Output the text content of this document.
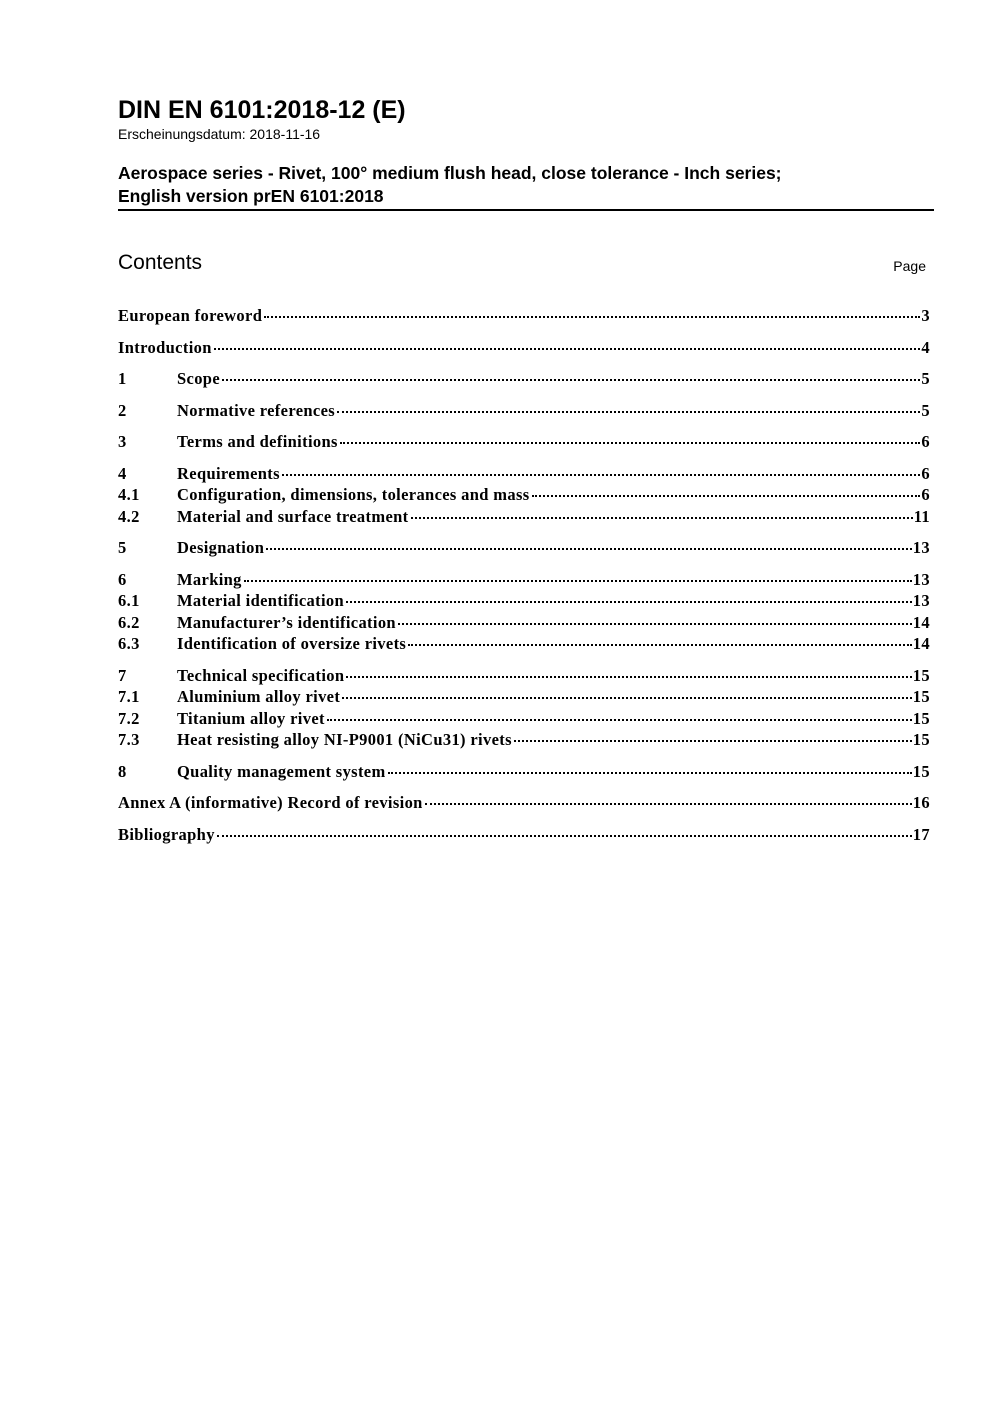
DIN EN 6101:2018-12 (E)
Erscheinungsdatum: 2018-11-16
Aerospace series - Rivet, 100° medium flush head, close tolerance - Inch series;
English version prEN 6101:2018
Contents	Page
European foreword	3
Introduction	4
1	Scope	5
2	Normative references	5
3	Terms and definitions	6
4	Requirements	6
4.1	Configuration, dimensions, tolerances and mass	6
4.2	Material and surface treatment	11
5	Designation	13
6	Marking	13
6.1	Material identification	13
6.2	Manufacturer’s identification	14
6.3	Identification of oversize rivets	14
7	Technical specification	15
7.1	Aluminium alloy rivet	15
7.2	Titanium alloy rivet	15
7.3	Heat resisting alloy NI-P9001 (NiCu31) rivets	15
8	Quality management system	15
Annex A (informative) Record of revision	16
Bibliography	17
